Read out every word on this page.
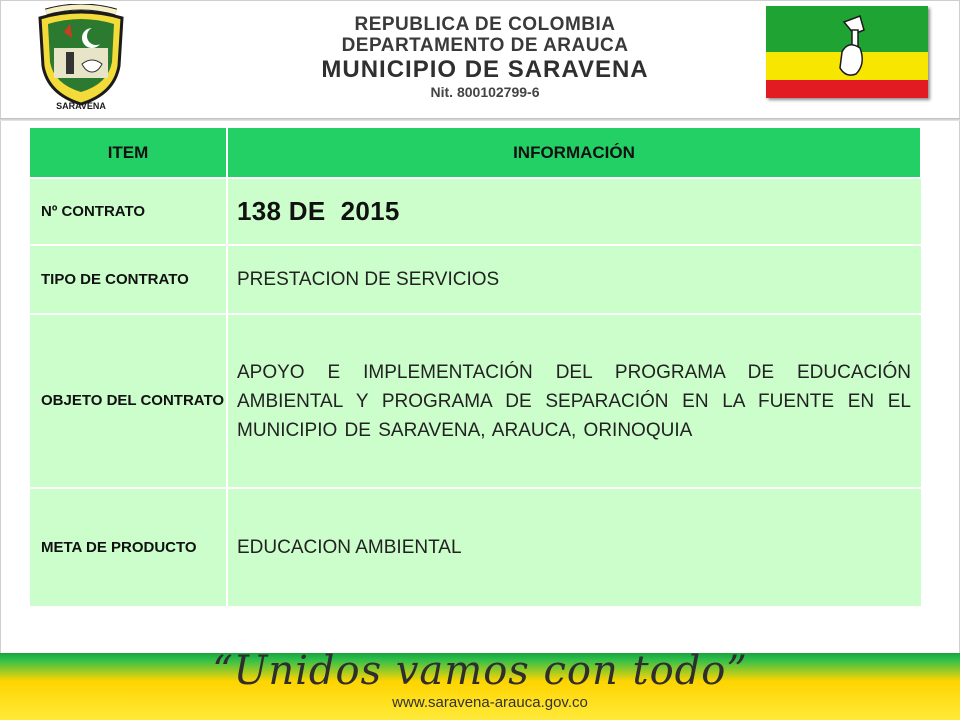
SARAVENA
REPUBLICA DE COLOMBIA
DEPARTAMENTO DE ARAUCA
MUNICIPIO DE SARAVENA
Nit. 800102799-6
ITEM	INFORMACIÓN
Nº CONTRATO	138 DE  2015
TIPO DE CONTRATO	PRESTACION DE SERVICIOS
OBJETO DEL CONTRATO	APOYO E IMPLEMENTACIÓN DEL PROGRAMA DE EDUCACIÓN AMBIENTAL Y PROGRAMA DE SEPARACIÓN EN LA FUENTE EN EL MUNICIPIO DE SARAVENA, ARAUCA, ORINOQUIA

META DE PRODUCTO	EDUCACION AMBIENTAL
“Unidos vamos con todo”
www.saravena-arauca.gov.co
